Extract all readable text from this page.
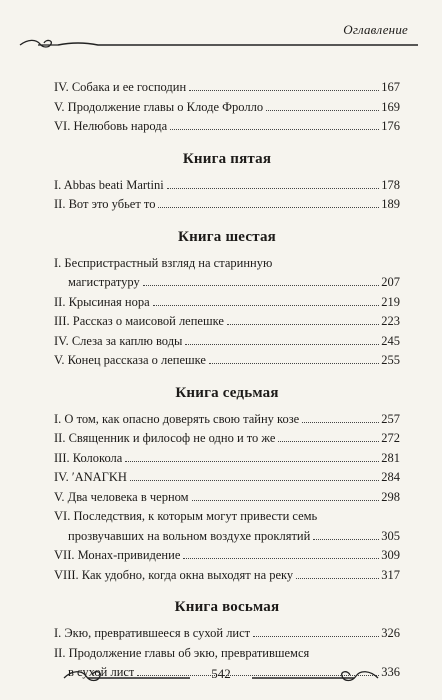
Оглавление
IV. Собака и ее господин	167
V. Продолжение главы о Клоде Фролло	169
VI. Нелюбовь народа	176
Книга пятая
I. Abbas beati Martini	178
II. Вот это убьет то	189
Книга шестая
I. Беспристрастный взгляд на старинную
магистратуру	207
II. Крысиная нора	219
III. Рассказ о маисовой лепешке	223
IV. Слеза за каплю воды	245
V. Конец рассказа о лепешке	255
Книга седьмая
I. О том, как опасно доверять свою тайну козе	257
II. Священник и философ не одно и то же	272
III. Колокола	281
IV. ʹANAГKH	284
V. Два человека в черном	298
VI. Последствия, к которым могут привести семь
прозвучавших на вольном воздухе проклятий	305
VII. Монах-привидение	309
VIII. Как удобно, когда окна выходят на реку	317
Книга восьмая
I. Экю, превратившееся в сухой лист	326
II. Продолжение главы об экю, превратившемся
в сухой лист	336
542
